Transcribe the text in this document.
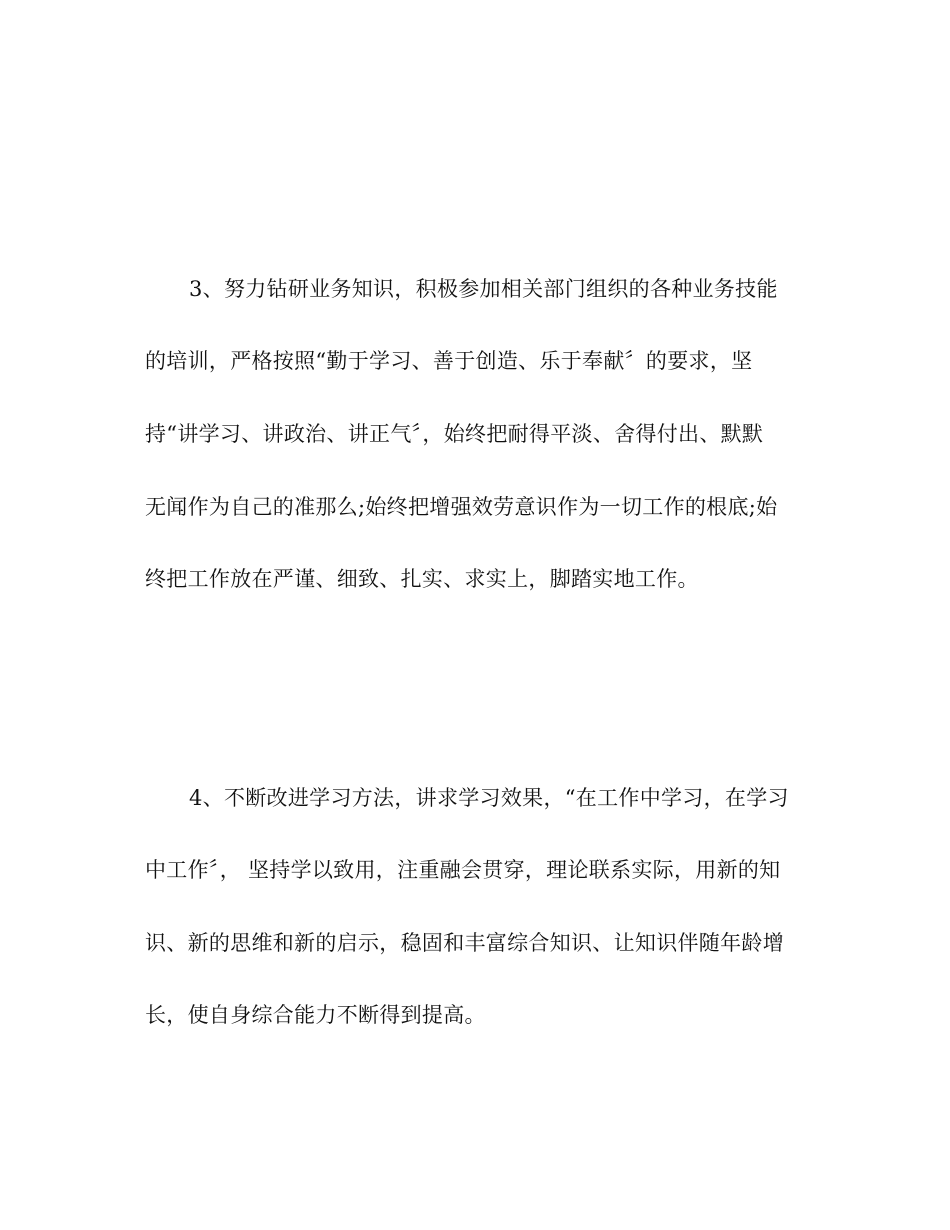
3、努力钻研业务知识，积极参加相关部门组织的各种业务技能

的培训，严格按照“勤于学习、善于创造、乐于奉献〞的要求，坚

持“讲学习、讲政治、讲正气〞，始终把耐得平淡、舍得付出、默默

无闻作为自己的准那么;始终把增强效劳意识作为一切工作的根底;始

终把工作放在严谨、细致、扎实、求实上，脚踏实地工作。

4、不断改进学习方法，讲求学习效果，“在工作中学习，在学习

中工作〞， 坚持学以致用，注重融会贯穿，理论联系实际，用新的知

识、新的思维和新的启示，稳固和丰富综合知识、让知识伴随年龄增

长，使自身综合能力不断得到提高。
